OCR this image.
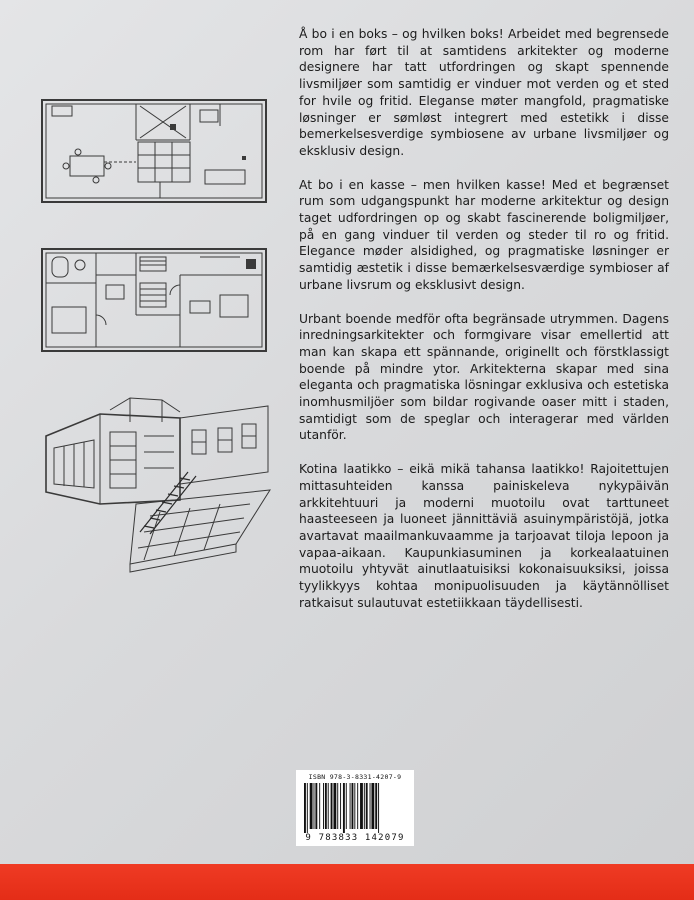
Å bo i en boks – og hvilken boks! Arbeidet med begrensede rom har ført til at samtidens arkitekter og moderne designere har tatt utfordringen og skapt spennende livsmiljøer som samtidig er vinduer mot verden og et sted for hvile og fritid. Eleganse møter mangfold, pragmatiske løsninger er sømløst integrert med estetikk i disse bemerkelsesverdige symbiosene av urbane livsmiljøer og eksklusiv design.

At bo i en kasse – men hvilken kasse! Med et begrænset rum som udgangspunkt har moderne arkitektur og design taget udfordringen op og skabt fascinerende boligmiljøer, på en gang vinduer til verden og steder til ro og fritid. Elegance møder alsidighed, og pragmatiske løsninger er samtidig æstetik i disse bemærkelsesværdige symbioser af urbane livsrum og eksklusivt design.

Urbant boende medför ofta begränsade utrymmen. Dagens inredningsarkitekter och formgivare visar emellertid att man kan skapa ett spännande, originellt och förstklassigt boende på mindre ytor. Arkitekterna skapar med sina eleganta och pragmatiska lösningar exklusiva och estetiska inomhusmiljöer som bildar rogivande oaser mitt i staden, samtidigt som de speglar och interagerar med världen utanför.

Kotina laatikko – eikä mikä tahansa laatikko! Rajoitettujen mittasuhteiden kanssa painiskeleva nykypäivän arkkitehtuuri ja moderni muotoilu ovat tarttuneet haasteeseen ja luoneet jännittäviä asuinympäristöjä, jotka avartavat maailmankuvaamme ja tarjoavat tiloja lepoon ja vapaa-aikaan. Kaupunkiasuminen ja korkealaatuinen muotoilu yhtyvät ainutlaatuisiksi kokonaisuuksiksi, joissa tyylikkyys kohtaa monipuolisuuden ja käytännölliset ratkaisut sulautuvat estetiikkaan täydellisesti.

ISBN 978-3-8331-4207-9
9 783833 142079
